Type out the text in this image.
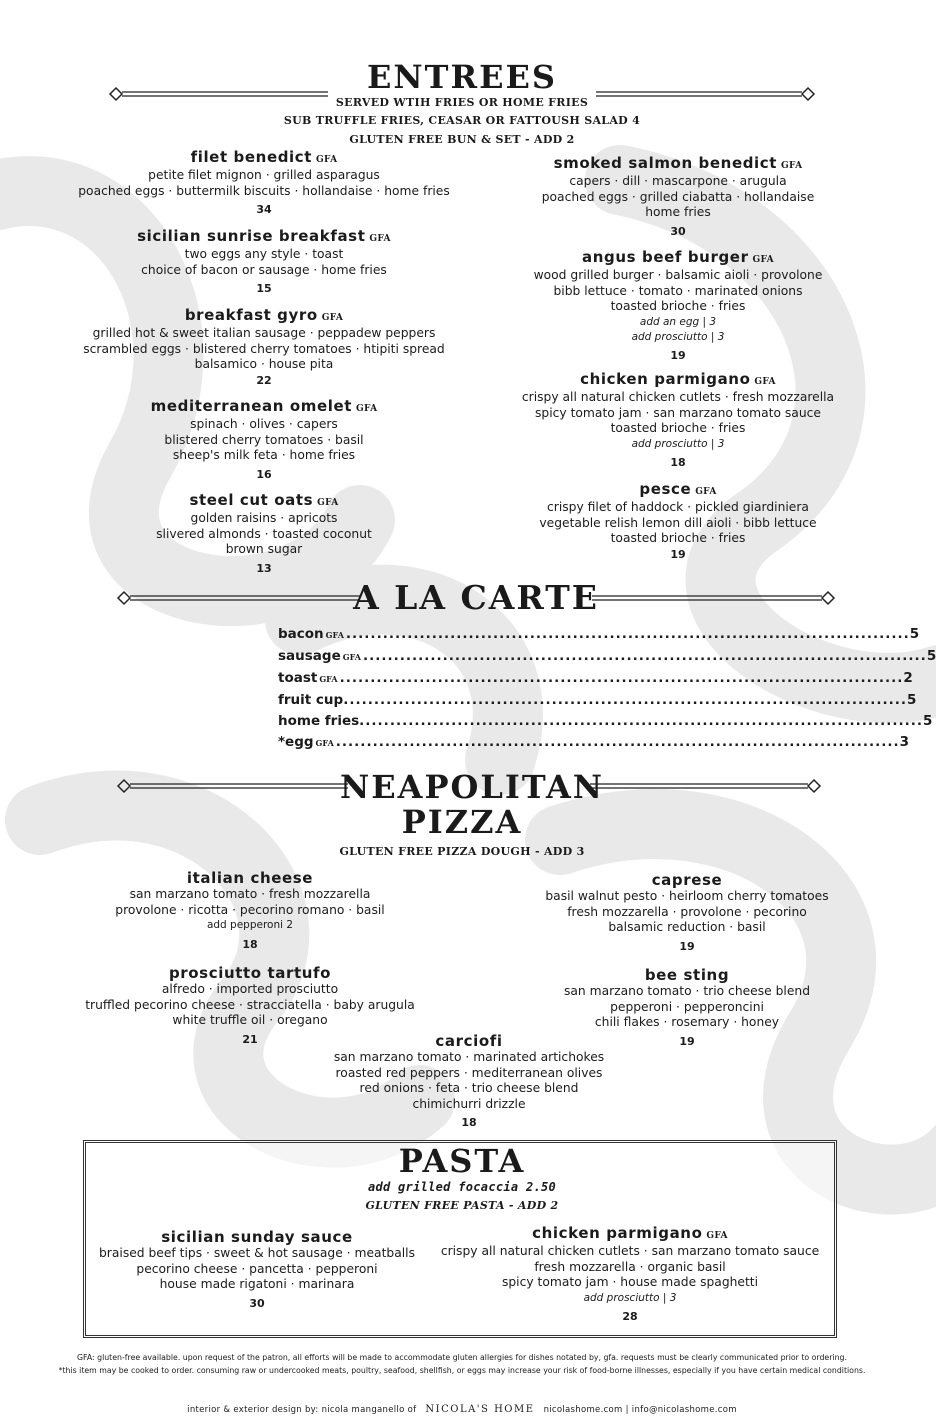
ENTREES
SERVED WTIH FRIES OR HOME FRIES
SUB TRUFFLE FRIES, CEASAR OR FATTOUSH SALAD 4
GLUTEN FREE BUN & SET - ADD 2
filet benedict GFA
petite filet mignon · grilled asparagus
poached eggs · buttermilk biscuits · hollandaise · home fries
34
sicilian sunrise breakfast GFA
two eggs any style · toast
choice of bacon or sausage · home fries
15
breakfast gyro GFA
grilled hot & sweet italian sausage · peppadew peppers
scrambled eggs · blistered cherry tomatoes · htipiti spread
balsamico · house pita
22
mediterranean omelet GFA
spinach · olives · capers
blistered cherry tomatoes · basil
sheep's milk feta · home fries
16
steel cut oats GFA
golden raisins · apricots
slivered almonds · toasted coconut
brown sugar
13
smoked salmon benedict GFA
capers · dill · mascarpone · arugula
poached eggs · grilled ciabatta · hollandaise
home fries
30
angus beef burger GFA
wood grilled burger · balsamic aioli · provolone
bibb lettuce · tomato · marinated onions
toasted brioche · fries
add an egg | 3
add prosciutto | 3
19
chicken parmigano GFA
crispy all natural chicken cutlets · fresh mozzarella
spicy tomato jam · san marzano tomato sauce
toasted brioche · fries
add prosciutto | 3
18
pesce GFA
crispy filet of haddock · pickled giardiniera
vegetable relish lemon dill aioli · bibb lettuce
toasted brioche · fries
19
A LA CARTE
bacon GFA ............................................................................................ 5
sausage GFA ............................................................................................ 5
toast GFA ............................................................................................ 2
fruit cup ............................................................................................ 5
home fries ............................................................................................ 5
*egg GFA ............................................................................................ 3
NEAPOLITAN
PIZZA
GLUTEN FREE PIZZA DOUGH - ADD 3
italian cheese
san marzano tomato · fresh mozzarella
provolone · ricotta · pecorino romano · basil
add pepperoni 2
18
caprese
basil walnut pesto · heirloom cherry tomatoes
fresh mozzarella · provolone · pecorino
balsamic reduction · basil
19
prosciutto tartufo
alfredo · imported prosciutto
truffled pecorino cheese · stracciatella · baby arugula
white truffle oil · oregano
21
bee sting
san marzano tomato · trio cheese blend
pepperoni · pepperoncini
chili flakes · rosemary · honey
19
carciofi
san marzano tomato · marinated artichokes
roasted red peppers · mediterranean olives
red onions · feta · trio cheese blend
chimichurri drizzle
18
PASTA
add grilled focaccia 2.50
GLUTEN FREE PASTA - ADD 2
sicilian sunday sauce
braised beef tips · sweet & hot sausage · meatballs
pecorino cheese · pancetta · pepperoni
house made rigatoni · marinara
30
chicken parmigano GFA
crispy all natural chicken cutlets · san marzano tomato sauce
fresh mozzarella · organic basil
spicy tomato jam · house made spaghetti
add prosciutto | 3
28
GFA: gluten-free available. upon request of the patron, all efforts will be made to accommodate gluten allergies for dishes notated by, gfa. requests must be clearly communicated prior to ordering.
*this item may be cooked to order. consuming raw or undercooked meats, poultry, seafood, shellfish, or eggs may increase your risk of food-borne illnesses, especially if you have certain medical conditions.
interior & exterior design by: nicola manganello of NICOLA'S HOME nicolashome.com | info@nicolashome.com
